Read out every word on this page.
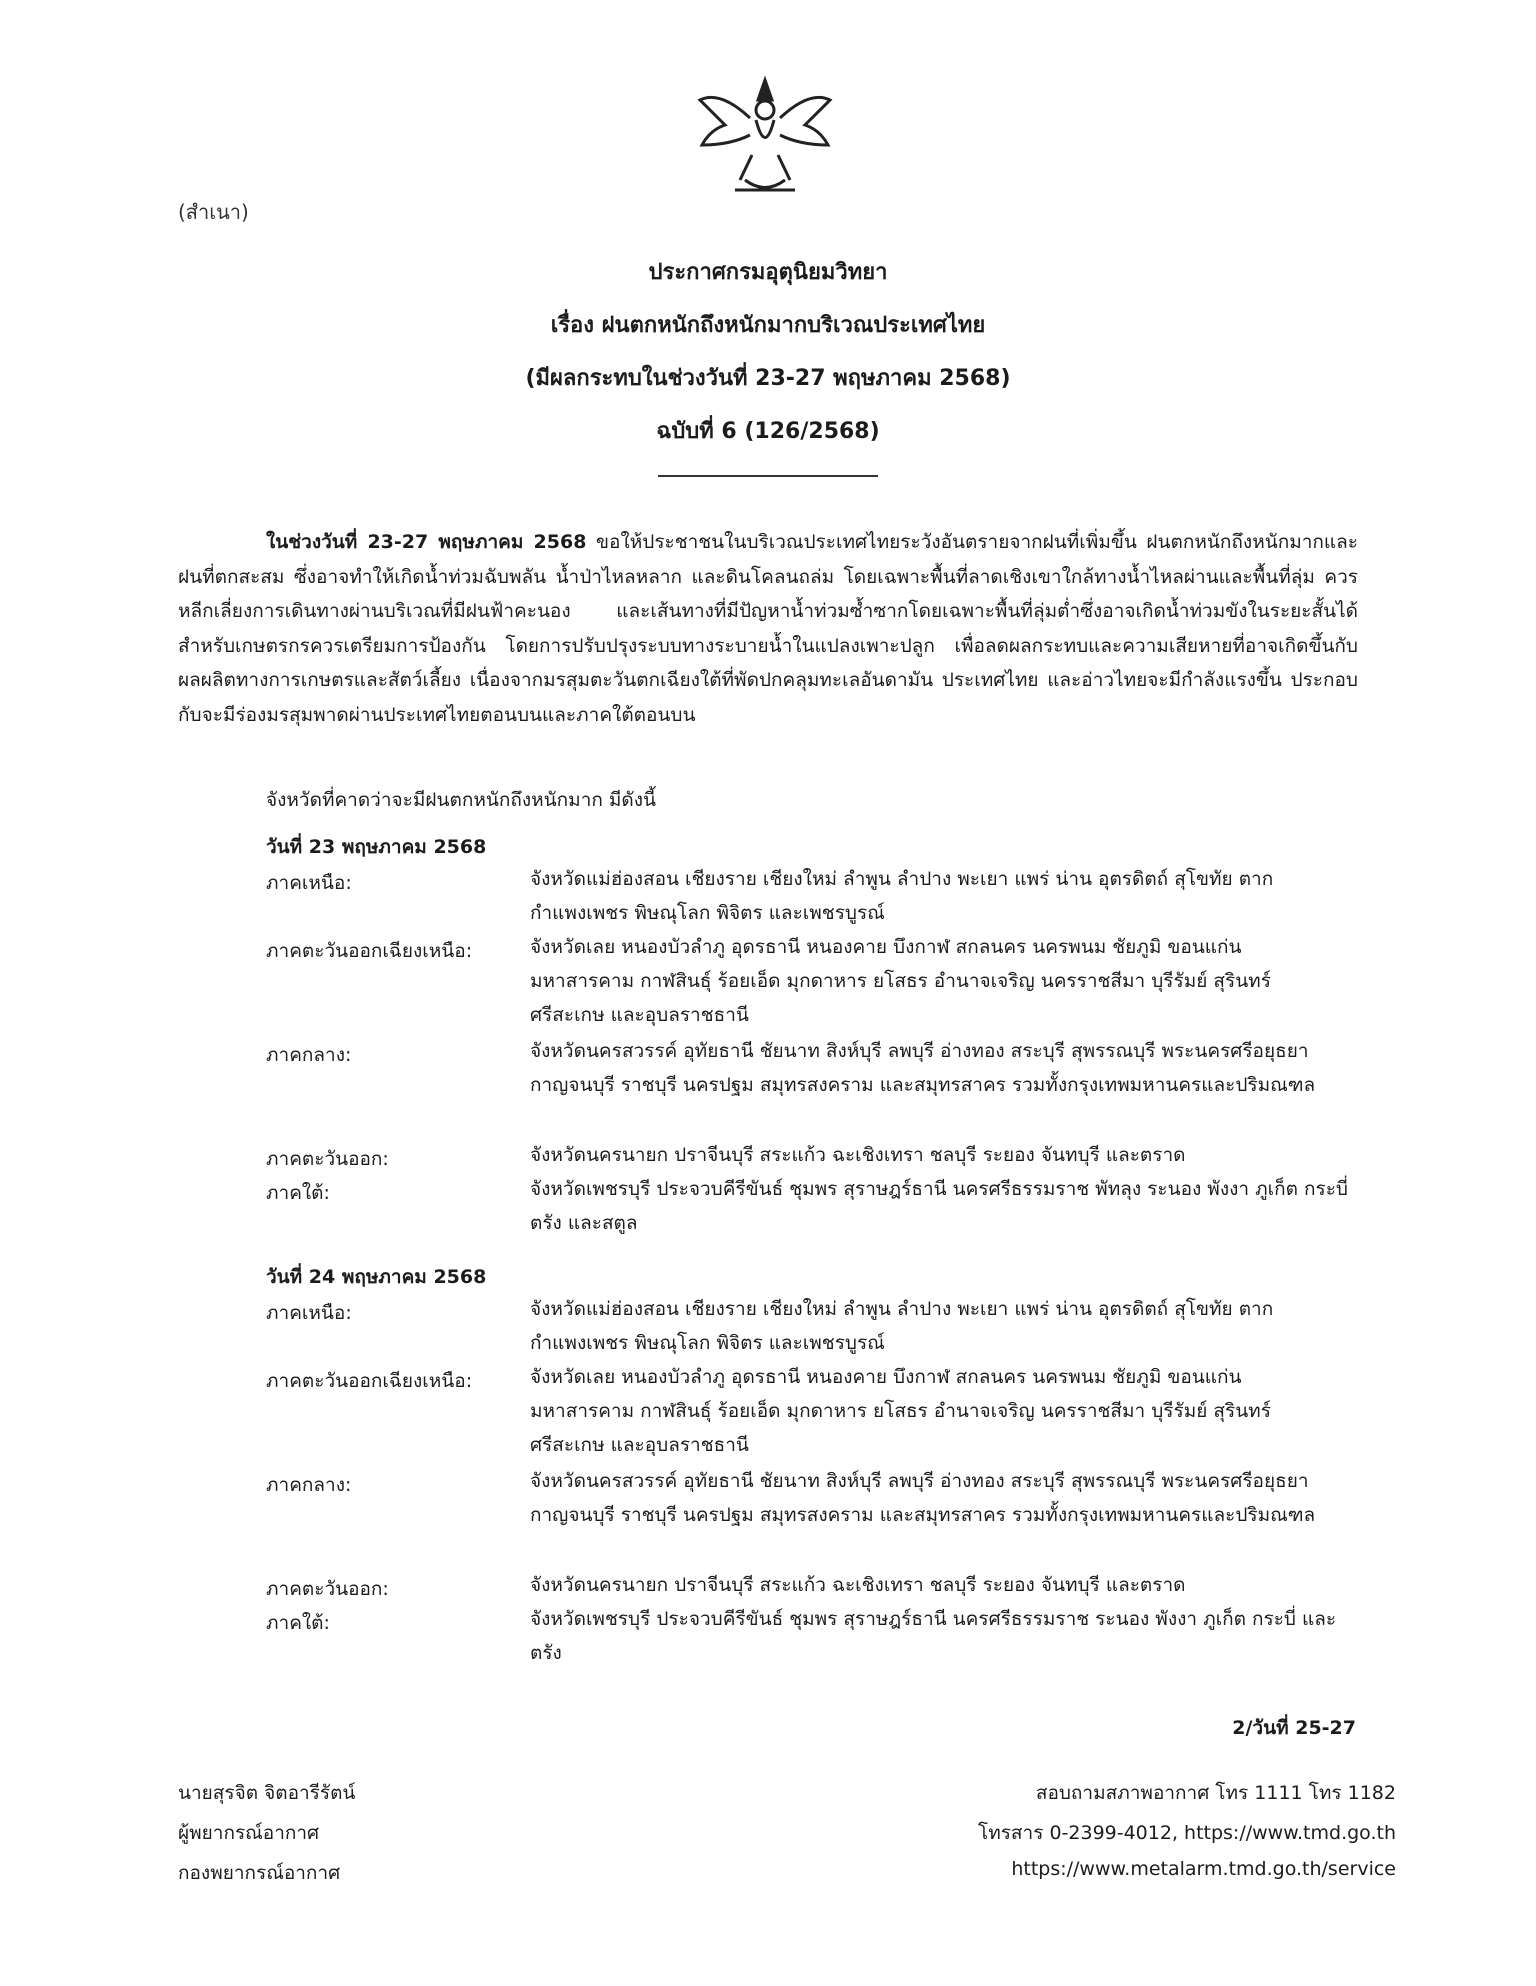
(สำเนา)
ประกาศกรมอุตุนิยมวิทยา
เรื่อง ฝนตกหนักถึงหนักมากบริเวณประเทศไทย
(มีผลกระทบในช่วงวันที่ 23-27 พฤษภาคม 2568)
ฉบับที่ 6 (126/2568)
ในช่วงวันที่ 23-27 พฤษภาคม 2568 ขอให้ประชาชนในบริเวณประเทศไทยระวังอันตรายจากฝนที่เพิ่มขึ้น ฝนตกหนักถึงหนักมากและฝนที่ตกสะสม ซึ่งอาจทำให้เกิดน้ำท่วมฉับพลัน น้ำป่าไหลหลาก และดินโคลนถล่ม โดยเฉพาะพื้นที่ลาดเชิงเขาใกล้ทางน้ำไหลผ่านและพื้นที่ลุ่ม ควรหลีกเลี่ยงการเดินทางผ่านบริเวณที่มีฝนฟ้าคะนอง และเส้นทางที่มีปัญหาน้ำท่วมซ้ำซากโดยเฉพาะพื้นที่ลุ่มต่ำซึ่งอาจเกิดน้ำท่วมขังในระยะสั้นได้ สำหรับเกษตรกรควรเตรียมการป้องกัน โดยการปรับปรุงระบบทางระบายน้ำในแปลงเพาะปลูก เพื่อลดผลกระทบและความเสียหายที่อาจเกิดขึ้นกับผลผลิตทางการเกษตรและสัตว์เลี้ยง เนื่องจากมรสุมตะวันตกเฉียงใต้ที่พัดปกคลุมทะเลอันดามัน ประเทศไทย และอ่าวไทยจะมีกำลังแรงขึ้น ประกอบกับจะมีร่องมรสุมพาดผ่านประเทศไทยตอนบนและภาคใต้ตอนบน
จังหวัดที่คาดว่าจะมีฝนตกหนักถึงหนักมาก มีดังนี้
วันที่ 23 พฤษภาคม 2568
ภาคเหนือ:	จังหวัดแม่ฮ่องสอน เชียงราย เชียงใหม่ ลำพูน ลำปาง พะเยา แพร่ น่าน อุตรดิตถ์ สุโขทัย ตาก กำแพงเพชร พิษณุโลก พิจิตร และเพชรบูรณ์
ภาคตะวันออกเฉียงเหนือ:	จังหวัดเลย หนองบัวลำภู อุดรธานี หนองคาย บึงกาฬ สกลนคร นครพนม ชัยภูมิ ขอนแก่น มหาสารคาม กาฬสินธุ์ ร้อยเอ็ด มุกดาหาร ยโสธร อำนาจเจริญ นครราชสีมา บุรีรัมย์ สุรินทร์ ศรีสะเกษ และอุบลราชธานี
ภาคกลาง:	จังหวัดนครสวรรค์ อุทัยธานี ชัยนาท สิงห์บุรี ลพบุรี อ่างทอง สระบุรี สุพรรณบุรี พระนครศรีอยุธยา กาญจนบุรี ราชบุรี นครปฐม สมุทรสงคราม และสมุทรสาคร รวมทั้งกรุงเทพมหานครและปริมณฑล
ภาคตะวันออก:	จังหวัดนครนายก ปราจีนบุรี สระแก้ว ฉะเชิงเทรา ชลบุรี ระยอง จันทบุรี และตราด
ภาคใต้:	จังหวัดเพชรบุรี ประจวบคีรีขันธ์ ชุมพร สุราษฎร์ธานี นครศรีธรรมราช พัทลุง ระนอง พังงา ภูเก็ต กระบี่ ตรัง และสตูล
วันที่ 24 พฤษภาคม 2568
ภาคเหนือ:	จังหวัดแม่ฮ่องสอน เชียงราย เชียงใหม่ ลำพูน ลำปาง พะเยา แพร่ น่าน อุตรดิตถ์ สุโขทัย ตาก กำแพงเพชร พิษณุโลก พิจิตร และเพชรบูรณ์
ภาคตะวันออกเฉียงเหนือ:	จังหวัดเลย หนองบัวลำภู อุดรธานี หนองคาย บึงกาฬ สกลนคร นครพนม ชัยภูมิ ขอนแก่น มหาสารคาม กาฬสินธุ์ ร้อยเอ็ด มุกดาหาร ยโสธร อำนาจเจริญ นครราชสีมา บุรีรัมย์ สุรินทร์ ศรีสะเกษ และอุบลราชธานี
ภาคกลาง:	จังหวัดนครสวรรค์ อุทัยธานี ชัยนาท สิงห์บุรี ลพบุรี อ่างทอง สระบุรี สุพรรณบุรี พระนครศรีอยุธยา กาญจนบุรี ราชบุรี นครปฐม สมุทรสงคราม และสมุทรสาคร รวมทั้งกรุงเทพมหานครและปริมณฑล
ภาคตะวันออก:	จังหวัดนครนายก ปราจีนบุรี สระแก้ว ฉะเชิงเทรา ชลบุรี ระยอง จันทบุรี และตราด
ภาคใต้:	จังหวัดเพชรบุรี ประจวบคีรีขันธ์ ชุมพร สุราษฎร์ธานี นครศรีธรรมราช ระนอง พังงา ภูเก็ต กระบี่ และตรัง
2/วันที่ 25-27
นายสุรจิต จิตอารีรัตน์
ผู้พยากรณ์อากาศ
กองพยากรณ์อากาศ
สอบถามสภาพอากาศ โทร 1111 โทร 1182
โทรสาร 0-2399-4012, https://www.tmd.go.th
https://www.metalarm.tmd.go.th/service
